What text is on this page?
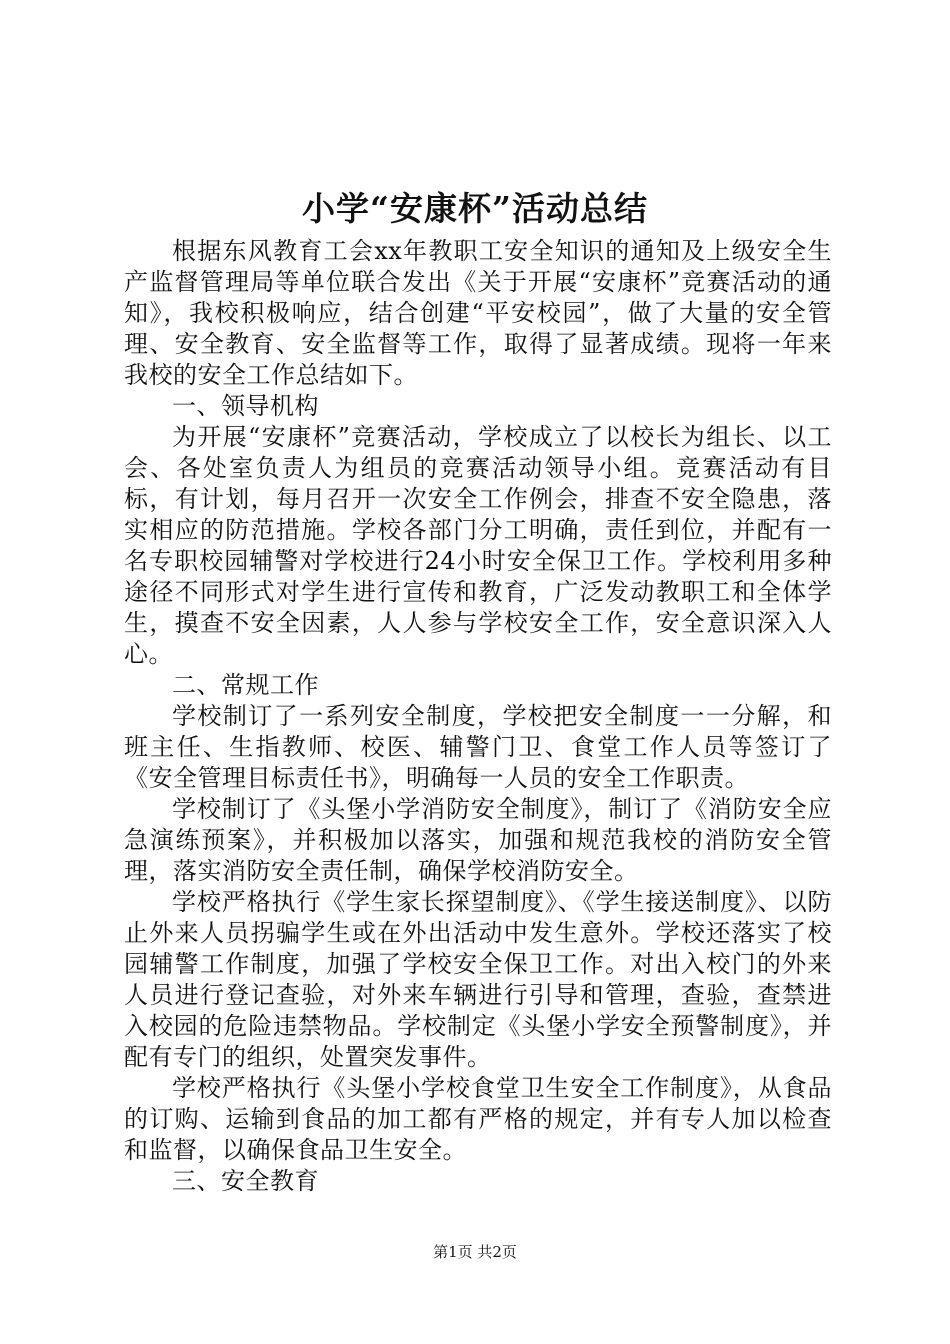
小学“安康杯”活动总结

根据东风教育工会xx年教职工安全知识的通知及上级安全生产监督管理局等单位联合发出《关于开展“安康杯”竞赛活动的通知》，我校积极响应，结合创建“平安校园”，做了大量的安全管理、安全教育、安全监督等工作，取得了显著成绩。现将一年来我校的安全工作总结如下。

一、领导机构

为开展“安康杯”竞赛活动，学校成立了以校长为组长、以工会、各处室负责人为组员的竞赛活动领导小组。竞赛活动有目标，有计划，每月召开一次安全工作例会，排查不安全隐患，落实相应的防范措施。学校各部门分工明确，责任到位，并配有一名专职校园辅警对学校进行24小时安全保卫工作。学校利用多种途径不同形式对学生进行宣传和教育，广泛发动教职工和全体学生，摸查不安全因素，人人参与学校安全工作，安全意识深入人心。

二、常规工作

学校制订了一系列安全制度，学校把安全制度一一分解，和班主任、生指教师、校医、辅警门卫、食堂工作人员等签订了《安全管理目标责任书》，明确每一人员的安全工作职责。

学校制订了《头堡小学消防安全制度》，制订了《消防安全应急演练预案》，并积极加以落实，加强和规范我校的消防安全管理，落实消防安全责任制，确保学校消防安全。

学校严格执行《学生家长探望制度》、《学生接送制度》、以防止外来人员拐骗学生或在外出活动中发生意外。学校还落实了校园辅警工作制度，加强了学校安全保卫工作。对出入校门的外来人员进行登记查验，对外来车辆进行引导和管理，查验，查禁进入校园的危险违禁物品。学校制定《头堡小学安全预警制度》，并配有专门的组织，处置突发事件。

学校严格执行《头堡小学校食堂卫生安全工作制度》，从食品的订购、运输到食品的加工都有严格的规定，并有专人加以检查和监督，以确保食品卫生安全。

三、安全教育

第1页 共2页
